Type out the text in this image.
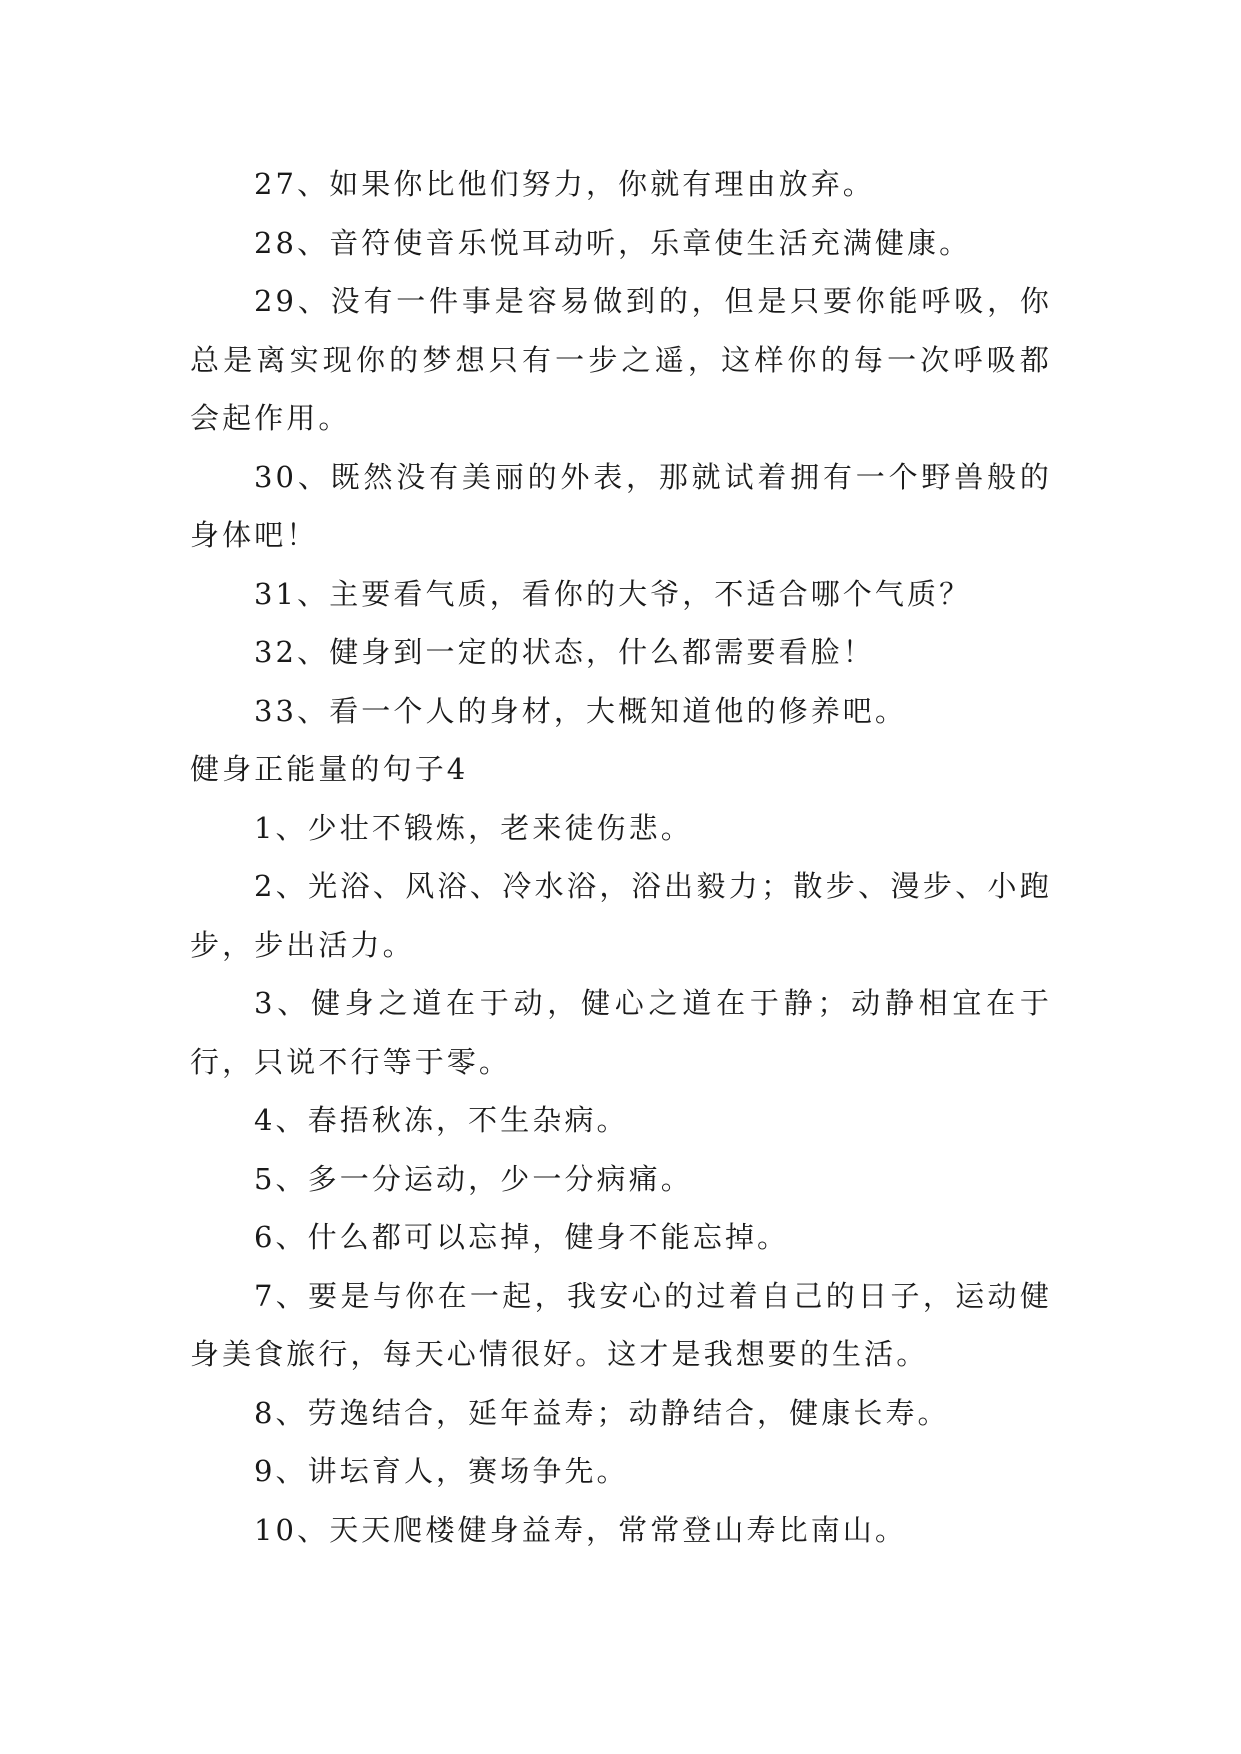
27、如果你比他们努力，你就有理由放弃。

28、音符使音乐悦耳动听，乐章使生活充满健康。

29、没有一件事是容易做到的，但是只要你能呼吸，你总是离实现你的梦想只有一步之遥，这样你的每一次呼吸都会起作用。

30、既然没有美丽的外表，那就试着拥有一个野兽般的身体吧！

31、主要看气质，看你的大爷，不适合哪个气质？

32、健身到一定的状态，什么都需要看脸！

33、看一个人的身材，大概知道他的修养吧。

健身正能量的句子4

1、少壮不锻炼，老来徒伤悲。

2、光浴、风浴、冷水浴，浴出毅力；散步、漫步、小跑步，步出活力。

3、健身之道在于动，健心之道在于静；动静相宜在于行，只说不行等于零。

4、春捂秋冻，不生杂病。

5、多一分运动，少一分病痛。

6、什么都可以忘掉，健身不能忘掉。

7、要是与你在一起，我安心的过着自己的日子，运动健身美食旅行，每天心情很好。这才是我想要的生活。

8、劳逸结合，延年益寿；动静结合，健康长寿。

9、讲坛育人，赛场争先。

10、天天爬楼健身益寿，常常登山寿比南山。
